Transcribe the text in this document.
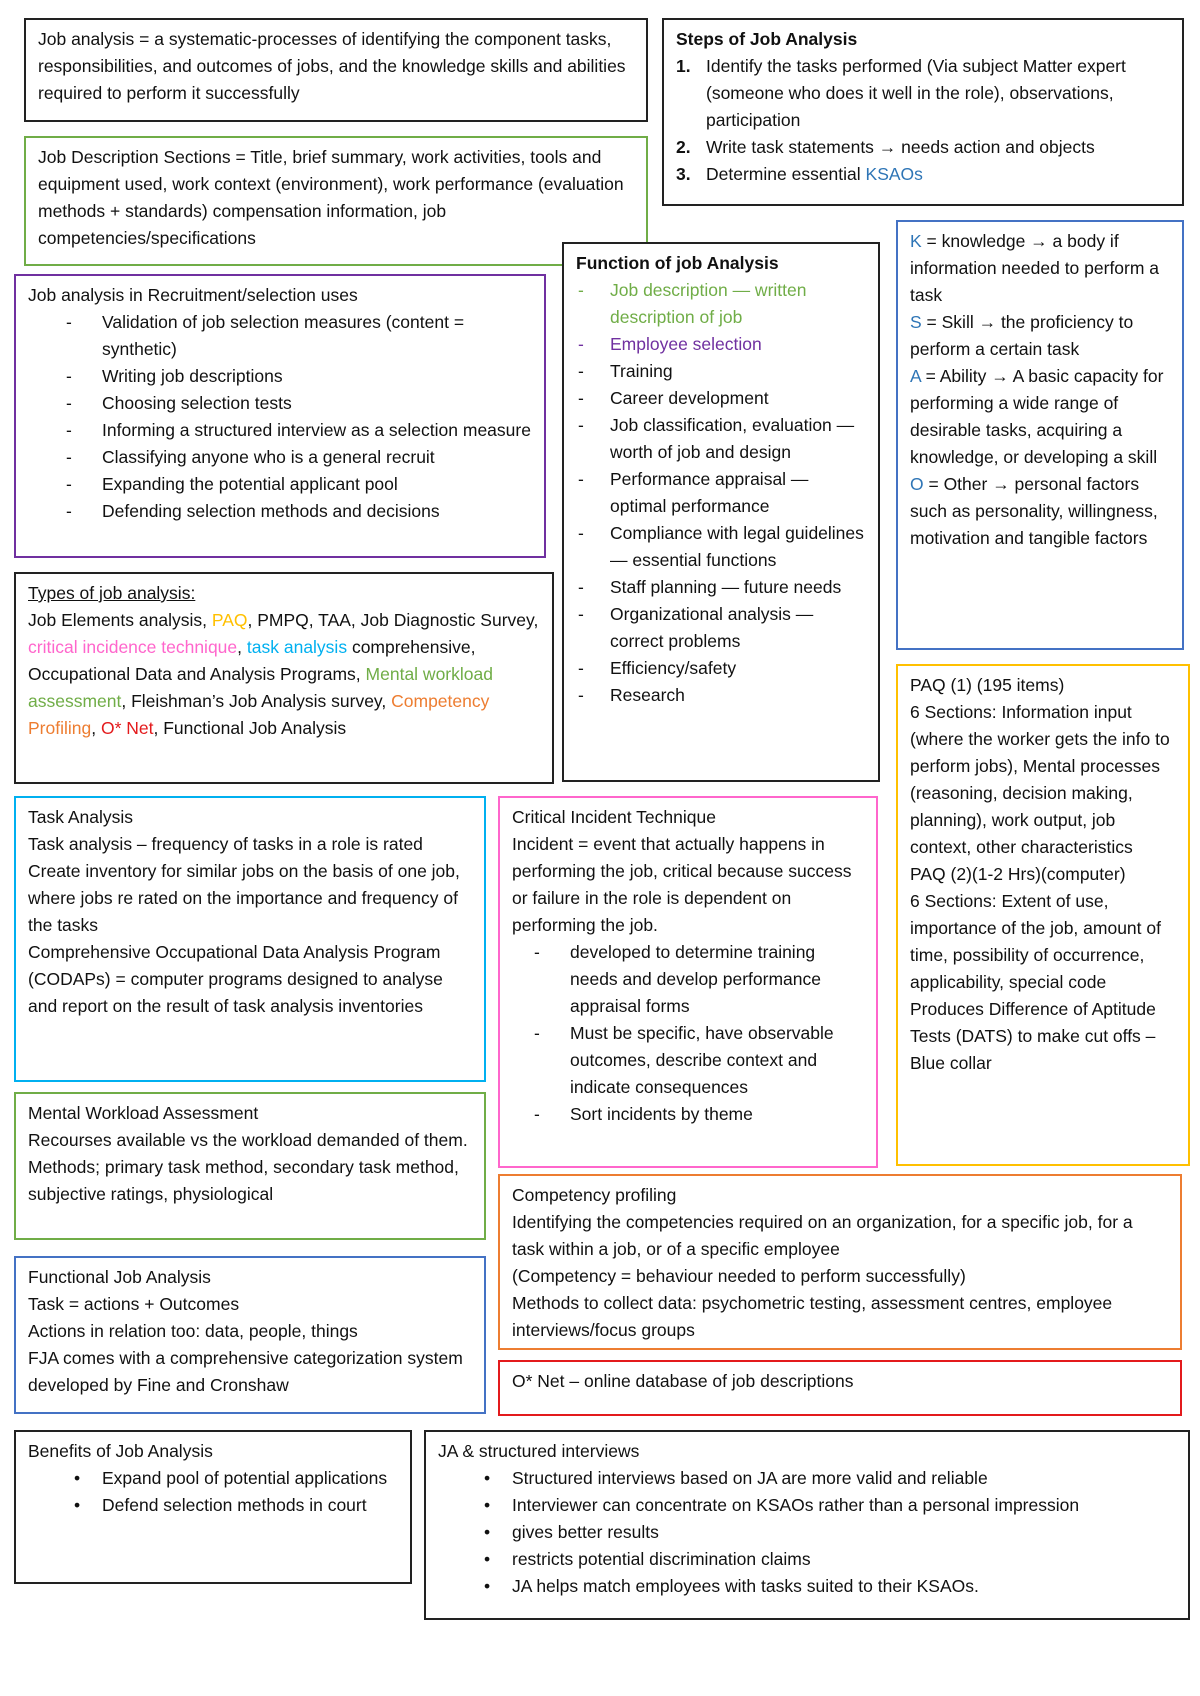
Job analysis = a systematic-processes of identifying the component tasks, responsibilities, and outcomes of jobs, and the knowledge skills and abilities required to perform it successfully

Job Description Sections = Title, brief summary, work activities, tools and equipment used, work context (environment), work performance (evaluation methods + standards) compensation information, job competencies/specifications

Steps of Job Analysis

1. Identify the tasks performed (Via subject Matter expert (someone who does it well in the role), observations, participation
2. Write task statements → needs action and objects
3. Determine essential KSAOs

Job analysis in Recruitment/selection uses

- Validation of job selection measures (content = synthetic)
- Writing job descriptions
- Choosing selection tests
- Informing a structured interview as a selection measure
- Classifying anyone who is a general recruit
- Expanding the potential applicant pool
- Defending selection methods and decisions

Function of job Analysis

- Job description — written description of job
- Employee selection
- Training
- Career development
- Job classification, evaluation — worth of job and design
- Performance appraisal — optimal performance
- Compliance with legal guidelines — essential functions
- Staff planning — future needs
- Organizational analysis — correct problems
- Efficiency/safety
- Research

K = knowledge → a body if information needed to perform a task

S = Skill → the proficiency to perform a certain task

A = Ability → A basic capacity for performing a wide range of desirable tasks, acquiring a knowledge, or developing a skill

O = Other → personal factors such as personality, willingness, motivation and tangible factors

Types of job analysis:

Job Elements analysis, PAQ, PMPQ, TAA, Job Diagnostic Survey, critical incidence technique, task analysis comprehensive, Occupational Data and Analysis Programs, Mental workload assessment, Fleishman’s Job Analysis survey, Competency Profiling, O* Net, Functional Job Analysis

PAQ (1) (195 items)

6 Sections: Information input (where the worker gets the info to perform jobs), Mental processes (reasoning, decision making, planning), work output, job context, other characteristics

PAQ (2)(1-2 Hrs)(computer)

6 Sections: Extent of use, importance of the job, amount of time, possibility of occurrence, applicability, special code

Produces Difference of Aptitude Tests (DATS) to make cut offs – Blue collar

Task Analysis

Task analysis – frequency of tasks in a role is rated

Create inventory for similar jobs on the basis of one job, where jobs re rated on the importance and frequency of the tasks

Comprehensive Occupational Data Analysis Program (CODAPs) = computer programs designed to analyse and report on the result of task analysis inventories

Critical Incident Technique

Incident = event that actually happens in performing the job, critical because success or failure in the role is dependent on performing the job.

- developed to determine training needs and develop performance appraisal forms
- Must be specific, have observable outcomes, describe context and indicate consequences
- Sort incidents by theme

Mental Workload Assessment

Recourses available vs the workload demanded of them.

Methods; primary task method, secondary task method, subjective ratings, physiological	Competency profiling

Identifying the competencies required on an organization, for a specific job, for a task within a job, or of a specific employee

(Competency = behaviour needed to perform successfully)

Methods to collect data: psychometric testing, assessment centres, employee interviews/focus groups

Functional Job Analysis

Task = actions + Outcomes

Actions in relation too: data, people, things

FJA comes with a comprehensive categorization system developed by Fine and Cronshaw	O* Net – online database of job descriptions

Benefits of Job Analysis

• Expand pool of potential applications
• Defend selection methods in court

JA & structured interviews

• Structured interviews based on JA are more valid and reliable
• Interviewer can concentrate on KSAOs rather than a personal impression
• gives better results
• restricts potential discrimination claims
• JA helps match employees with tasks suited to their KSAOs.
